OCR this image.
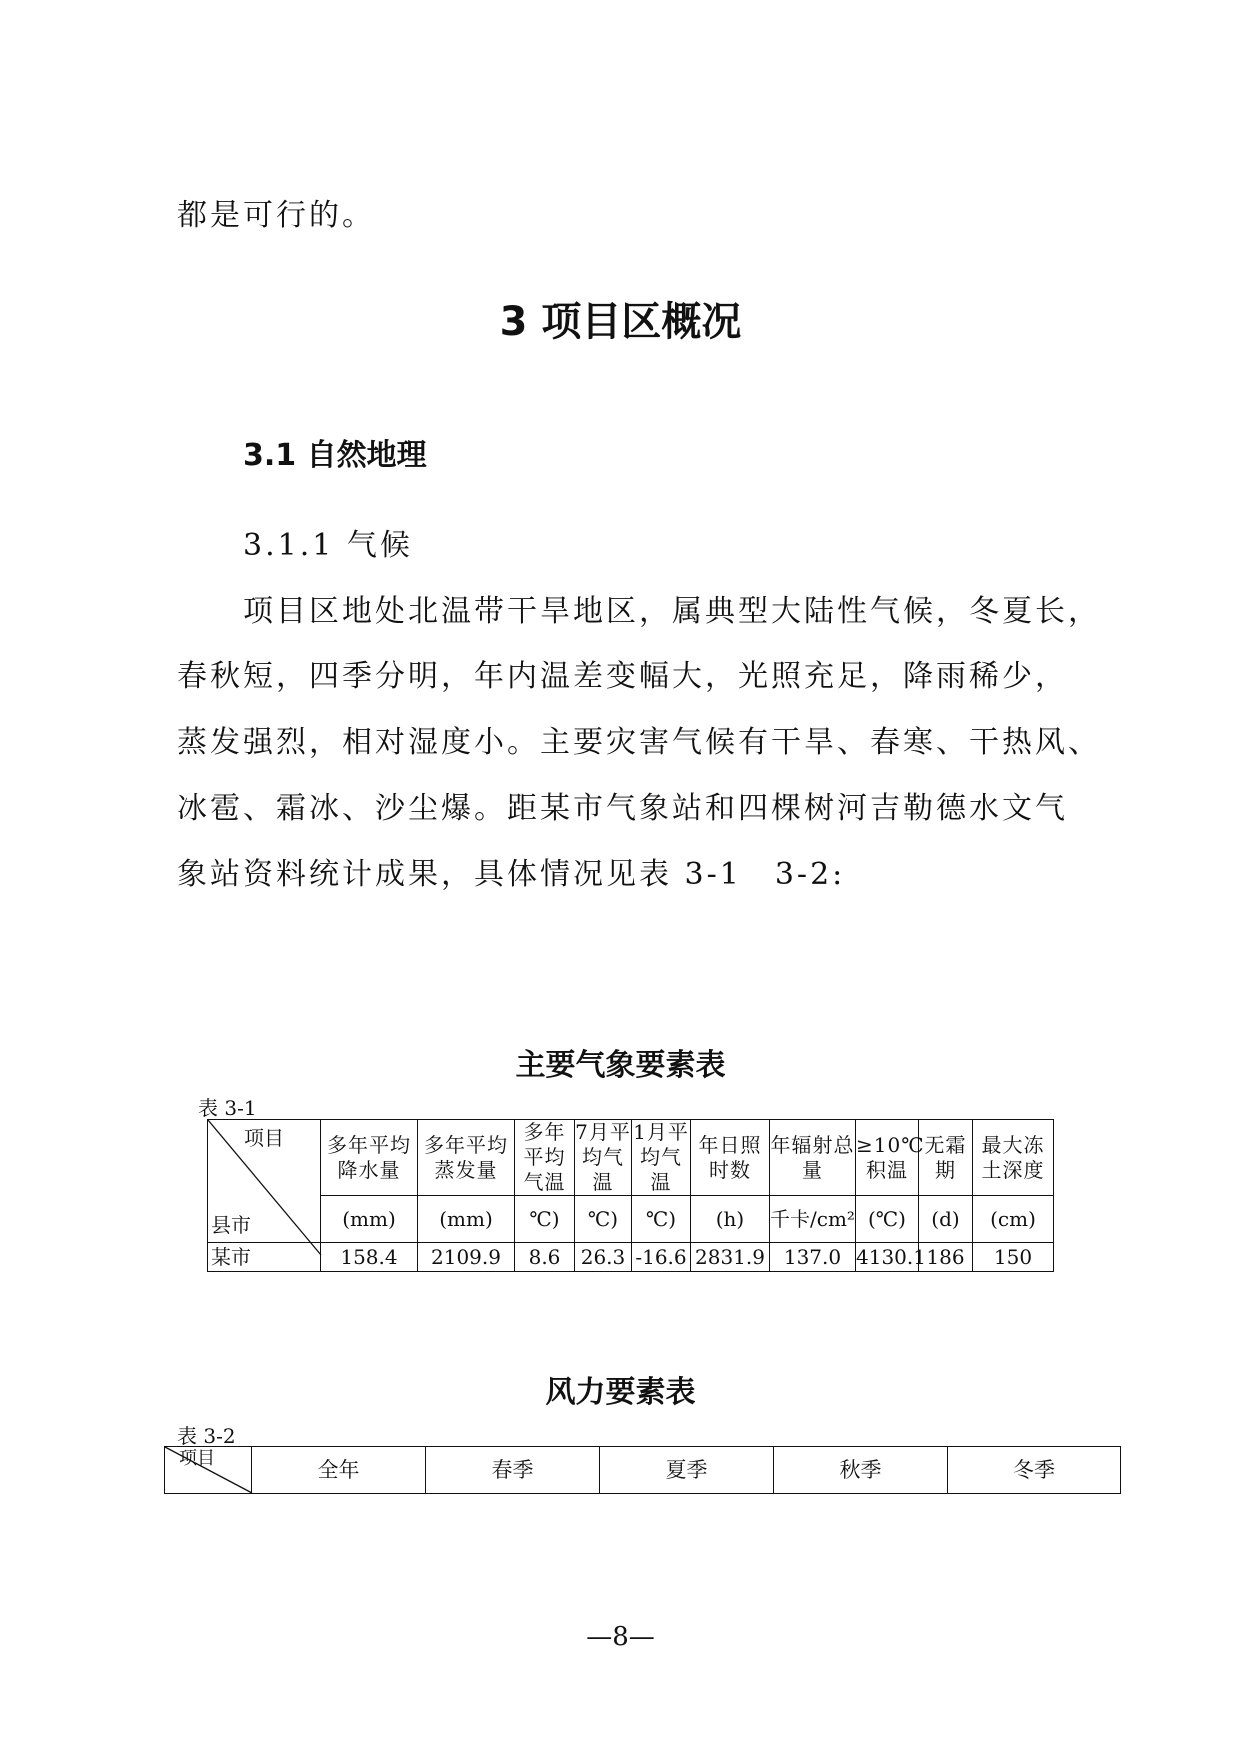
都是可行的。
3 项目区概况
3.1 自然地理
3.1.1 气候
项目区地处北温带干旱地区，属典型大陆性气候，冬夏长，
春秋短，四季分明，年内温差变幅大，光照充足，降雨稀少，
蒸发强烈，相对湿度小。主要灾害气候有干旱、春寒、干热风、
冰雹、霜冰、沙尘爆。距某市气象站和四棵树河吉勒德水文气
象站资料统计成果，具体情况见表 3-1　3-2:
主要气象要素表
表 3-1
项目
县市	多年平均降水量	多年平均蒸发量	多年平均气温	7月平均气温	1月平均气温	年日照时数	年辐射总量	≥10℃积温	无霜期	最大冻土深度
	(mm)	(mm)	℃)	℃)	℃)	(h)	千卡/cm²	(℃)	(d)	(cm)
某市	158.4	2109.9	8.6	26.3	-16.6	2831.9	137.0	4130.1	186	150
风力要素表
表 3-2
项目	全年	春季	夏季	秋季	冬季
—8—
